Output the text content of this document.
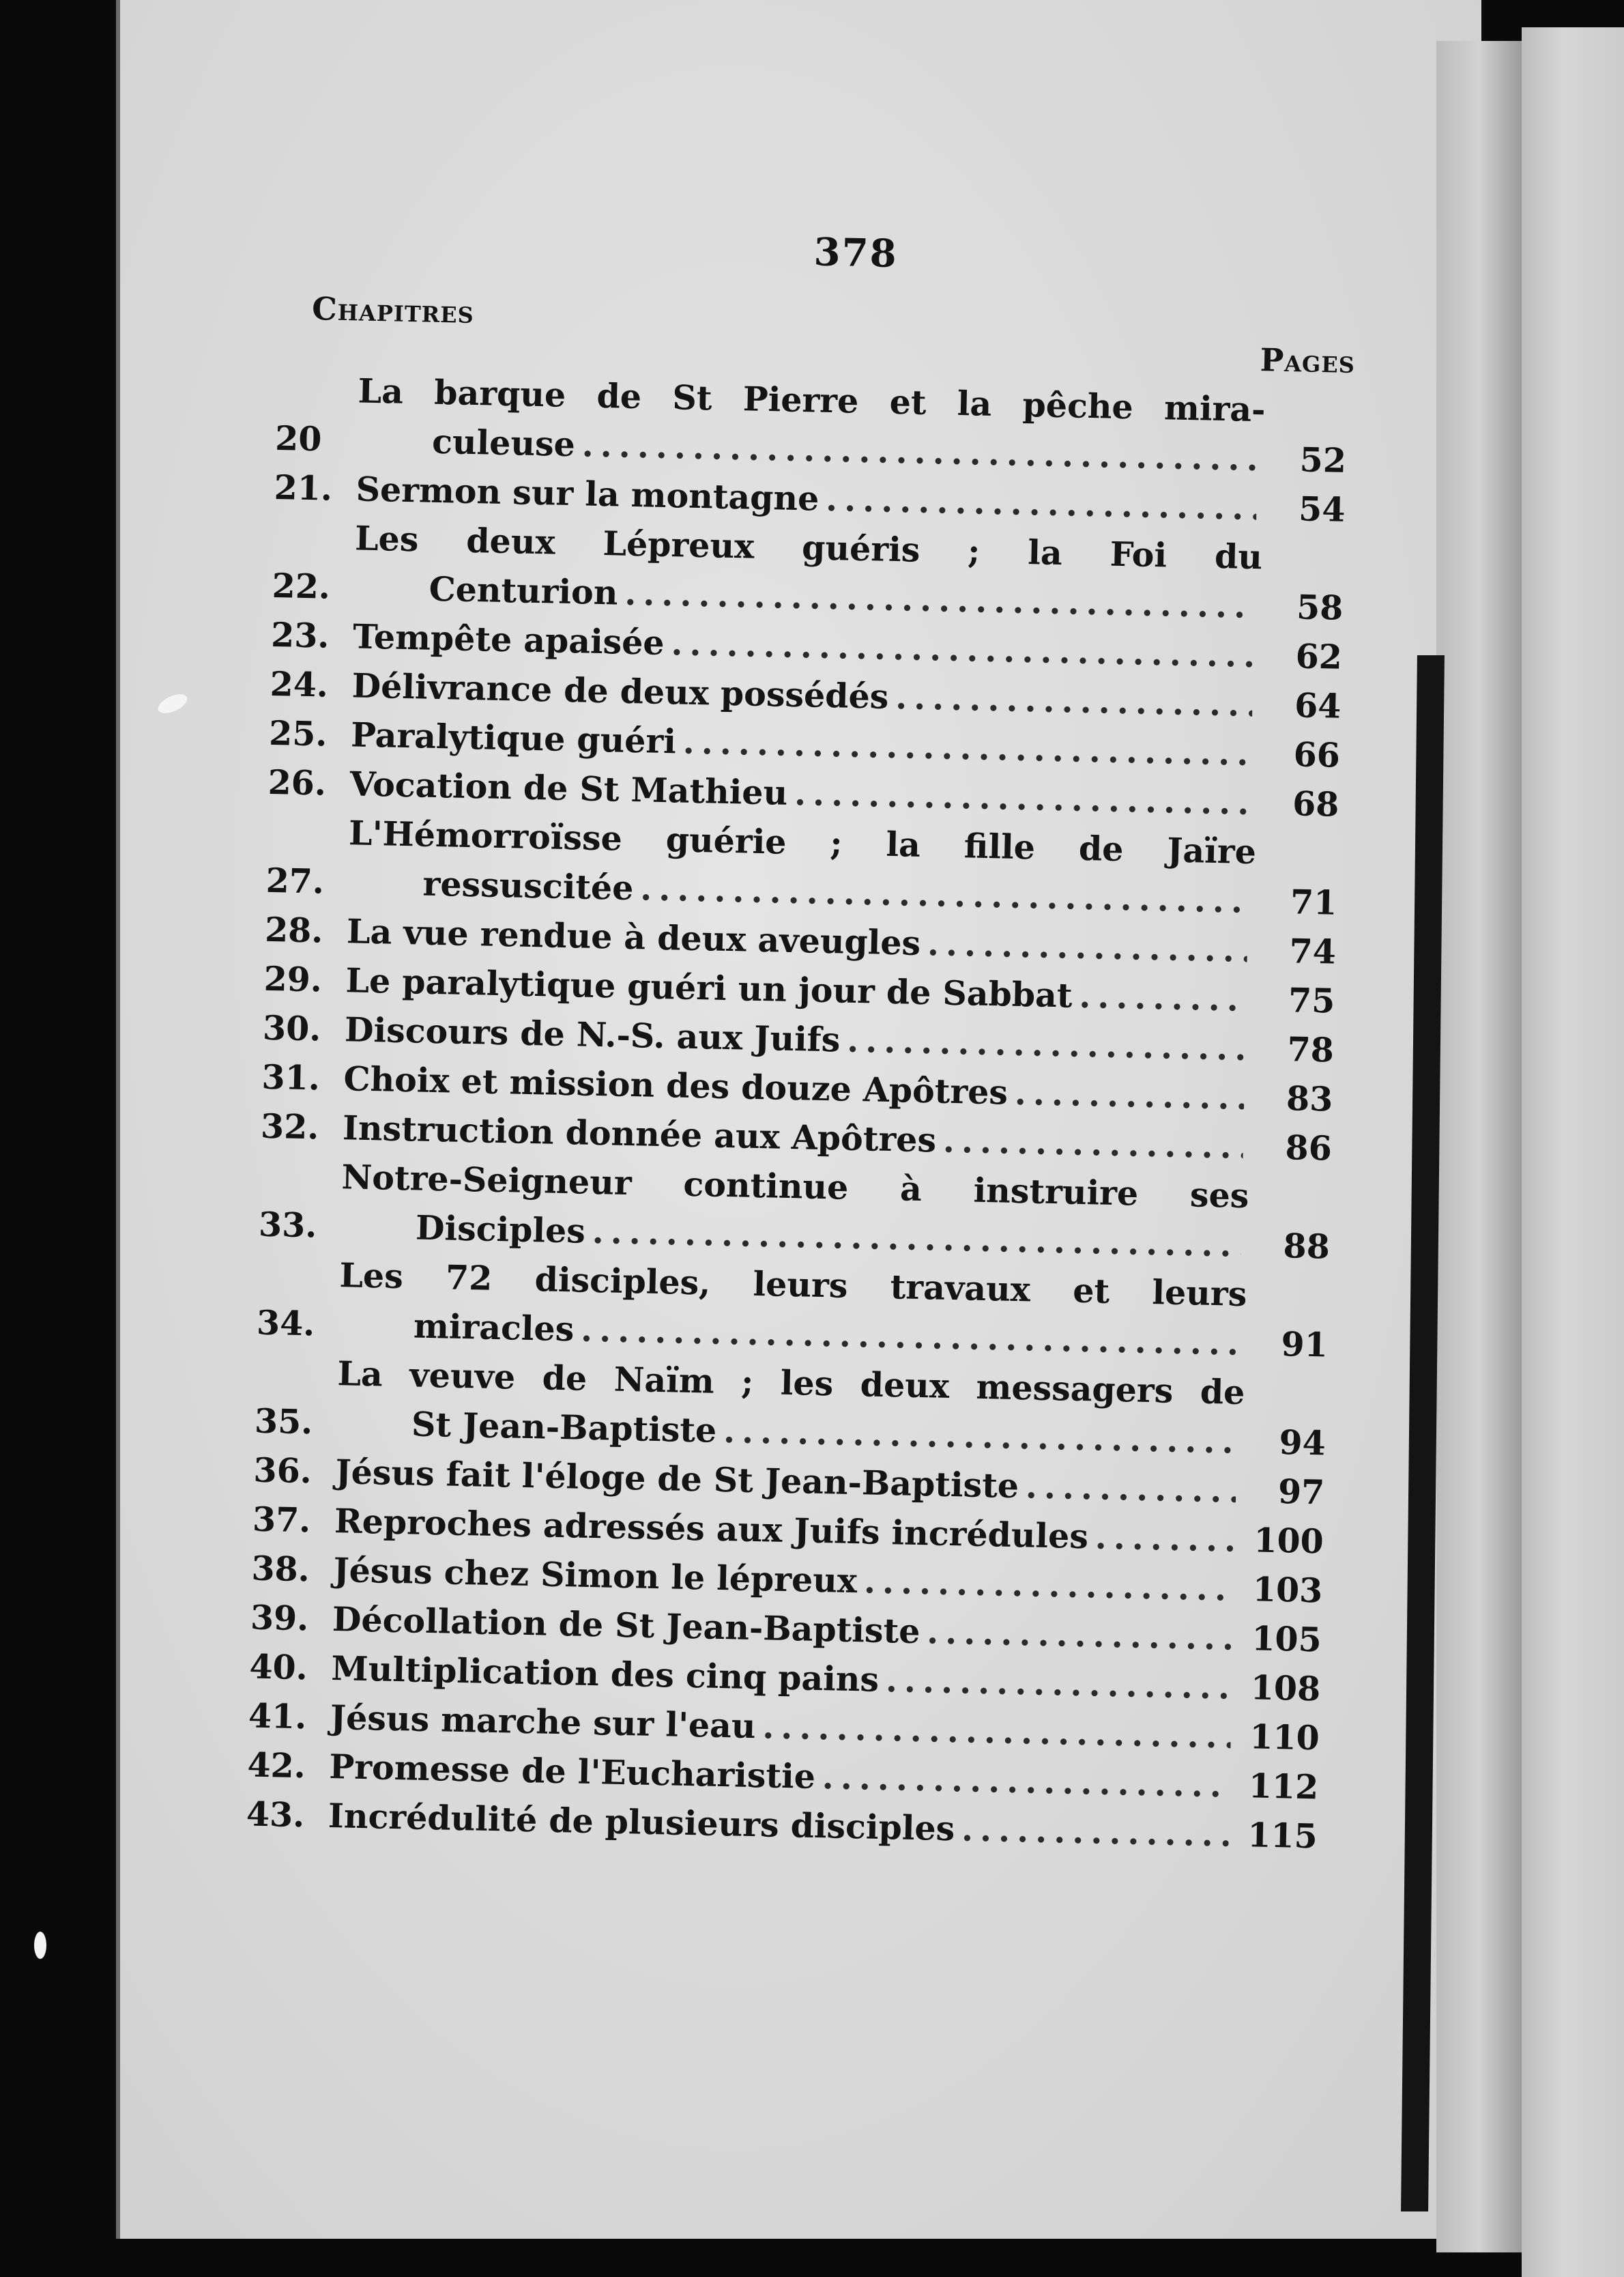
378
Chapitres
Pages
20
La barque de St Pierre et la pêche mira-
culeuse .....	52
21. Sermon sur la montagne .....	54
22.
Les deux Lépreux guéris ; la Foi du
Centurion .....	58
23. Tempête apaisée .....	62
24. Délivrance de deux possédés .....	64
25. Paralytique guéri .....	66
26. Vocation de St Mathieu .....	68
27.
L'Hémorroïsse guérie ; la fille de Jaïre
ressuscitée .....	71
28. La vue rendue à deux aveugles .....	74
29. Le paralytique guéri un jour de Sabbat .....	75
30. Discours de N.-S. aux Juifs .....	78
31. Choix et mission des douze Apôtres .....	83
32. Instruction donnée aux Apôtres .....	86
33.
Notre-Seigneur continue à instruire ses
Disciples .....	88
34.
Les 72 disciples, leurs travaux et leurs
miracles .....	91
35.
La veuve de Naïm ; les deux messagers de
St Jean-Baptiste .....	94
36. Jésus fait l'éloge de St Jean-Baptiste .....	97
37. Reproches adressés aux Juifs incrédules .....	100
38. Jésus chez Simon le lépreux .....	103
39. Décollation de St Jean-Baptiste .....	105
40. Multiplication des cinq pains .....	108
41. Jésus marche sur l'eau .....	110
42. Promesse de l'Eucharistie .....	112
43. Incrédulité de plusieurs disciples .....	115
